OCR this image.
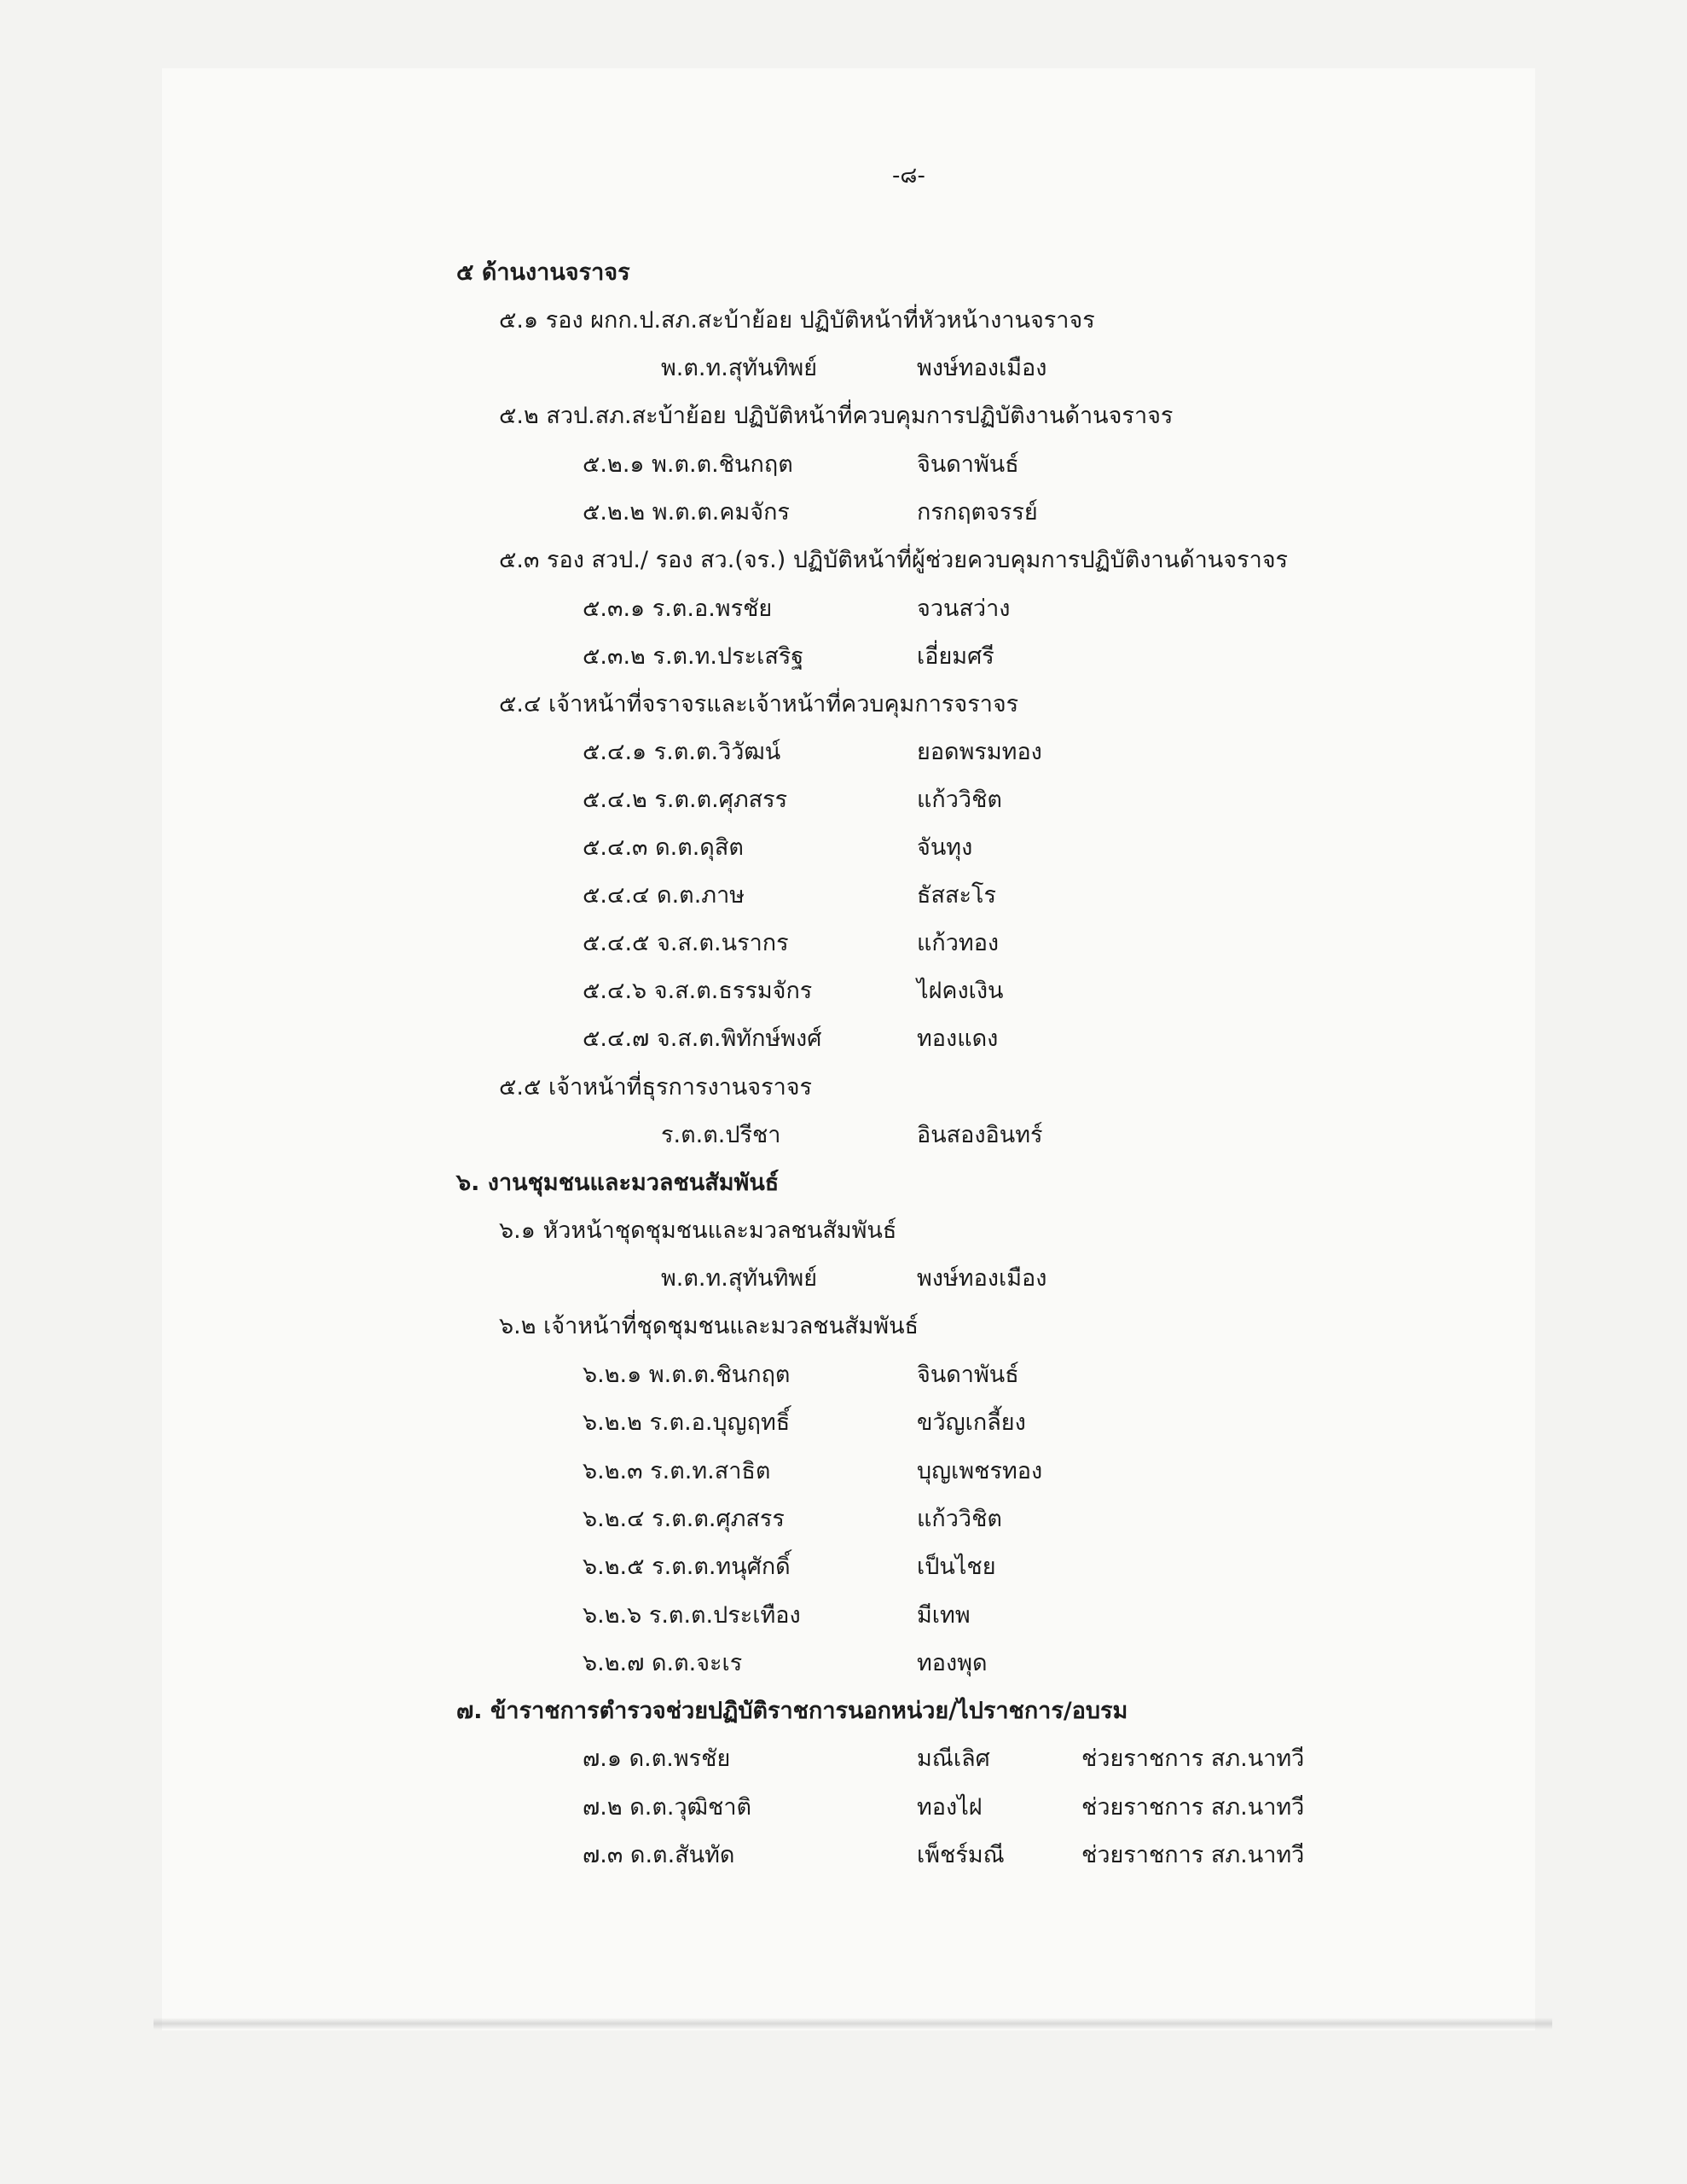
-๘-
๕ ด้านงานจราจร
๕.๑ รอง ผกก.ป.สภ.สะบ้าย้อย ปฏิบัติหน้าที่หัวหน้างานจราจร
พ.ต.ท.สุทันทิพย์	พงษ์ทองเมือง
๕.๒ สวป.สภ.สะบ้าย้อย ปฏิบัติหน้าที่ควบคุมการปฏิบัติงานด้านจราจร
๕.๒.๑ พ.ต.ต.ชินกฤต	จินดาพันธ์
๕.๒.๒ พ.ต.ต.คมจักร	กรกฤตจรรย์
๕.๓ รอง สวป./ รอง สว.(จร.) ปฏิบัติหน้าที่ผู้ช่วยควบคุมการปฏิบัติงานด้านจราจร
๕.๓.๑ ร.ต.อ.พรชัย	จวนสว่าง
๕.๓.๒ ร.ต.ท.ประเสริฐ	เอี่ยมศรี
๕.๔ เจ้าหน้าที่จราจรและเจ้าหน้าที่ควบคุมการจราจร
๕.๔.๑ ร.ต.ต.วิวัฒน์	ยอดพรมทอง
๕.๔.๒ ร.ต.ต.ศุภสรร	แก้ววิชิต
๕.๔.๓ ด.ต.ดุสิต	จันทุง
๕.๔.๔ ด.ต.ภาษ	ธัสสะโร
๕.๔.๕ จ.ส.ต.นรากร	แก้วทอง
๕.๔.๖ จ.ส.ต.ธรรมจักร	ไฝคงเงิน
๕.๔.๗ จ.ส.ต.พิทักษ์พงศ์	ทองแดง
๕.๕ เจ้าหน้าที่ธุรการงานจราจร
ร.ต.ต.ปรีชา	อินสองอินทร์
๖. งานชุมชนและมวลชนสัมพันธ์
๖.๑ หัวหน้าชุดชุมชนและมวลชนสัมพันธ์
พ.ต.ท.สุทันทิพย์	พงษ์ทองเมือง
๖.๒ เจ้าหน้าที่ชุดชุมชนและมวลชนสัมพันธ์
๖.๒.๑ พ.ต.ต.ชินกฤต	จินดาพันธ์
๖.๒.๒ ร.ต.อ.บุญฤทธิ์	ขวัญเกลี้ยง
๖.๒.๓ ร.ต.ท.สาธิต	บุญเพชรทอง
๖.๒.๔ ร.ต.ต.ศุภสรร	แก้ววิชิต
๖.๒.๕ ร.ต.ต.ทนุศักดิ์	เป็นไชย
๖.๒.๖ ร.ต.ต.ประเทือง	มีเทพ
๖.๒.๗ ด.ต.จะเร	ทองพุด
๗. ข้าราชการตำรวจช่วยปฏิบัติราชการนอกหน่วย/ไปราชการ/อบรม
๗.๑ ด.ต.พรชัย	มณีเลิศ	ช่วยราชการ สภ.นาทวี
๗.๒ ด.ต.วุฒิชาติ	ทองไฝ	ช่วยราชการ สภ.นาทวี
๗.๓ ด.ต.สันทัด	เพ็ชร์มณี	ช่วยราชการ สภ.นาทวี
